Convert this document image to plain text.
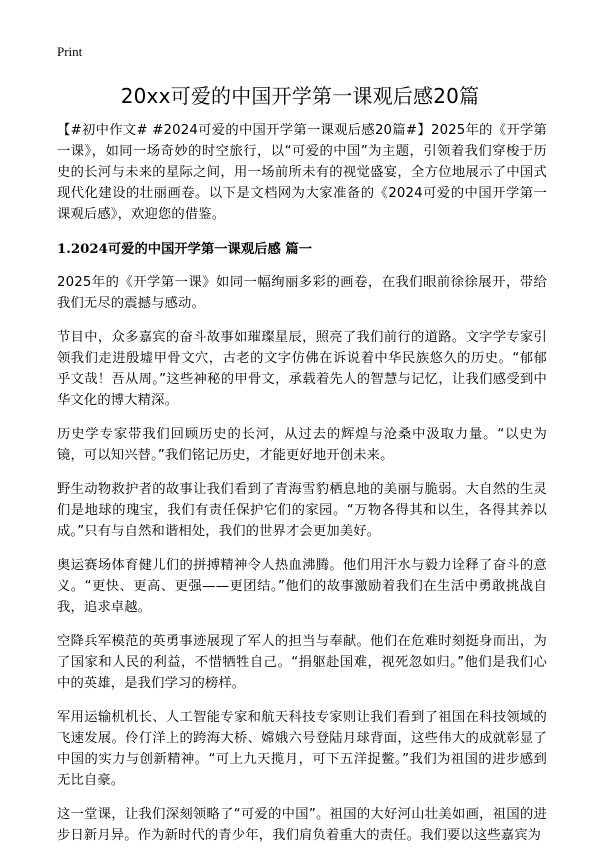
Print
20xx可爱的中国开学第一课观后感20篇

【#初中作文# #2024可爱的中国开学第一课观后感20篇#】2025年的《开学第一课》，如同一场奇妙的时空旅行，以“可爱的中国”为主题，引领着我们穿梭于历史的长河与未来的星际之间，用一场前所未有的视觉盛宴，全方位地展示了中国式现代化建设的壮丽画卷。以下是文档网为大家准备的《2024可爱的中国开学第一课观后感》，欢迎您的借鉴。

1.2024可爱的中国开学第一课观后感 篇一

2025年的《开学第一课》如同一幅绚丽多彩的画卷，在我们眼前徐徐展开，带给我们无尽的震撼与感动。

节目中，众多嘉宾的奋斗故事如璀璨星辰，照亮了我们前行的道路。文字学专家引领我们走进殷墟甲骨文穴，古老的文字仿佛在诉说着中华民族悠久的历史。“郁郁乎文哉！吾从周。”这些神秘的甲骨文，承载着先人的智慧与记忆，让我们感受到中华文化的博大精深。

历史学专家带我们回顾历史的长河，从过去的辉煌与沧桑中汲取力量。“以史为镜，可以知兴替。”我们铭记历史，才能更好地开创未来。

野生动物救护者的故事让我们看到了青海雪豹栖息地的美丽与脆弱。大自然的生灵们是地球的瑰宝，我们有责任保护它们的家园。“万物各得其和以生，各得其养以成。”只有与自然和谐相处，我们的世界才会更加美好。

奥运赛场体育健儿们的拼搏精神令人热血沸腾。他们用汗水与毅力诠释了奋斗的意义。“更快、更高、更强——更团结。”他们的故事激励着我们在生活中勇敢挑战自我，追求卓越。

空降兵军模范的英勇事迹展现了军人的担当与奉献。他们在危难时刻挺身而出，为了国家和人民的利益，不惜牺牲自己。“捐躯赴国难，视死忽如归。”他们是我们心中的英雄，是我们学习的榜样。

军用运输机机长、人工智能专家和航天科技专家则让我们看到了祖国在科技领域的飞速发展。伶仃洋上的跨海大桥、嫦娥六号登陆月球背面，这些伟大的成就彰显了中国的实力与创新精神。“可上九天揽月，可下五洋捉鳖。”我们为祖国的进步感到无比自豪。

这一堂课，让我们深刻领略了“可爱的中国”。祖国的大好河山壮美如画，祖国的进步日新月异。作为新时代的青少年，我们肩负着重大的责任。我们要以这些嘉宾为
